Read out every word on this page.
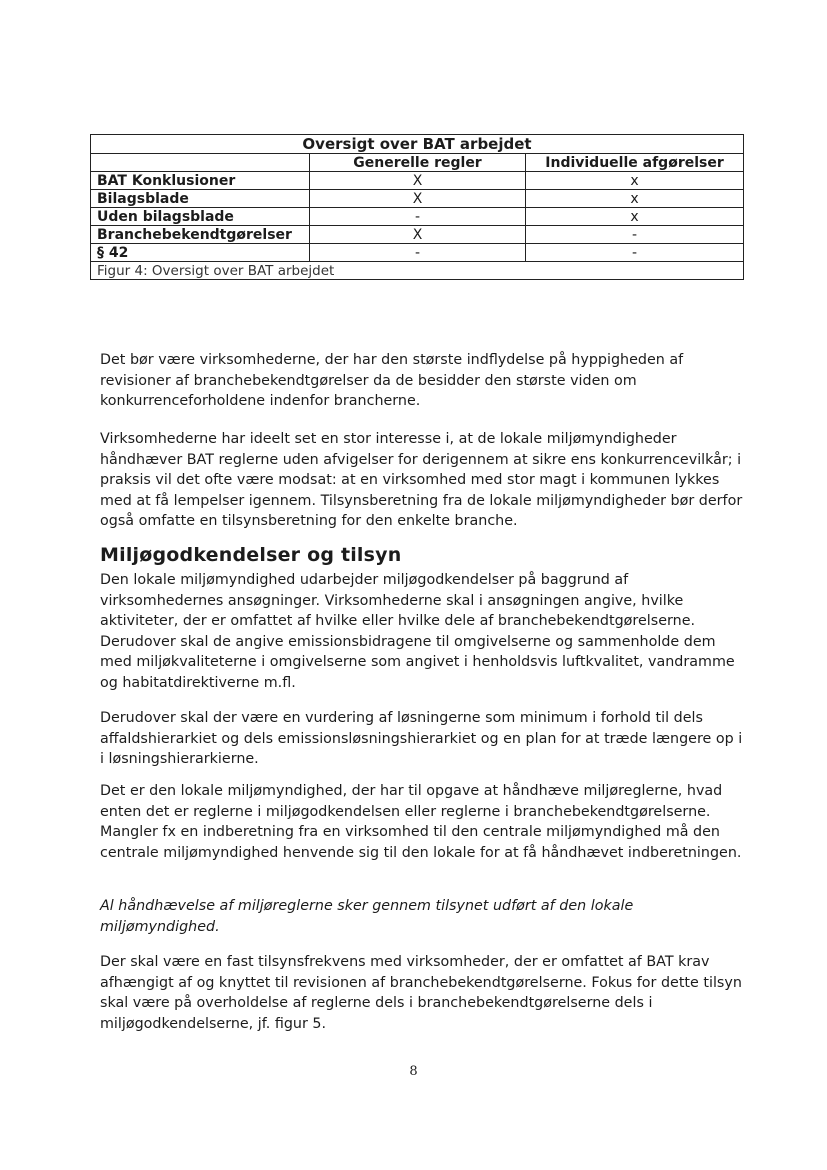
Oversigt over BAT arbejdet		
	Generelle regler	Individuelle afgørelser
BAT Konklusioner	X	x
Bilagsblade	X	x
Uden bilagsblade	-	x
Branchebekendtgørelser	X	-
§ 42	-	-
Figur 4: Oversigt over BAT arbejdet		

Det bør være virksomhederne, der har den største indflydelse på hyppigheden af revisioner af branchebekendtgørelser da de besidder den største viden om konkurrenceforholdene indenfor brancherne.

Virksomhederne har ideelt set en stor interesse i, at de lokale miljømyndigheder håndhæver BAT reglerne uden afvigelser for derigennem at sikre ens konkurrencevilkår; i praksis vil det ofte være modsat: at en virksomhed med stor magt i kommunen lykkes med at få lempelser igennem. Tilsynsberetning fra de lokale miljømyndigheder bør derfor også omfatte en tilsynsberetning for den enkelte branche.

Miljøgodkendelser og tilsyn

Den lokale miljømyndighed udarbejder miljøgodkendelser på baggrund af virksomhedernes ansøgninger. Virksomhederne skal i ansøgningen angive, hvilke aktiviteter, der er omfattet af hvilke eller hvilke dele af branchebekendtgørelserne. Derudover skal de angive emissionsbidragene til omgivelserne og sammenholde dem med miljøkvaliteterne i omgivelserne som angivet i henholdsvis luftkvalitet, vandramme og habitatdirektiverne m.fl.

Derudover skal der være en vurdering af løsningerne som minimum i forhold til dels affaldshierarkiet og dels emissionsløsningshierarkiet og en plan for at træde længere op i i løsningshierarkierne.

Det er den lokale miljømyndighed, der har til opgave at håndhæve miljøreglerne, hvad enten det er reglerne i miljøgodkendelsen eller reglerne i branchebekendtgørelserne. Mangler fx en indberetning fra en virksomhed til den centrale miljømyndighed må den centrale miljømyndighed henvende sig til den lokale for at få håndhævet indberetningen.

Al håndhævelse af miljøreglerne sker gennem tilsynet udført af den lokale miljømyndighed.

Der skal være en fast tilsynsfrekvens med virksomheder, der er omfattet af BAT krav afhængigt af og knyttet til revisionen af branchebekendtgørelserne. Fokus for dette tilsyn skal være på overholdelse af reglerne dels i branchebekendtgørelserne dels i miljøgodkendelserne, jf. figur 5.

8
